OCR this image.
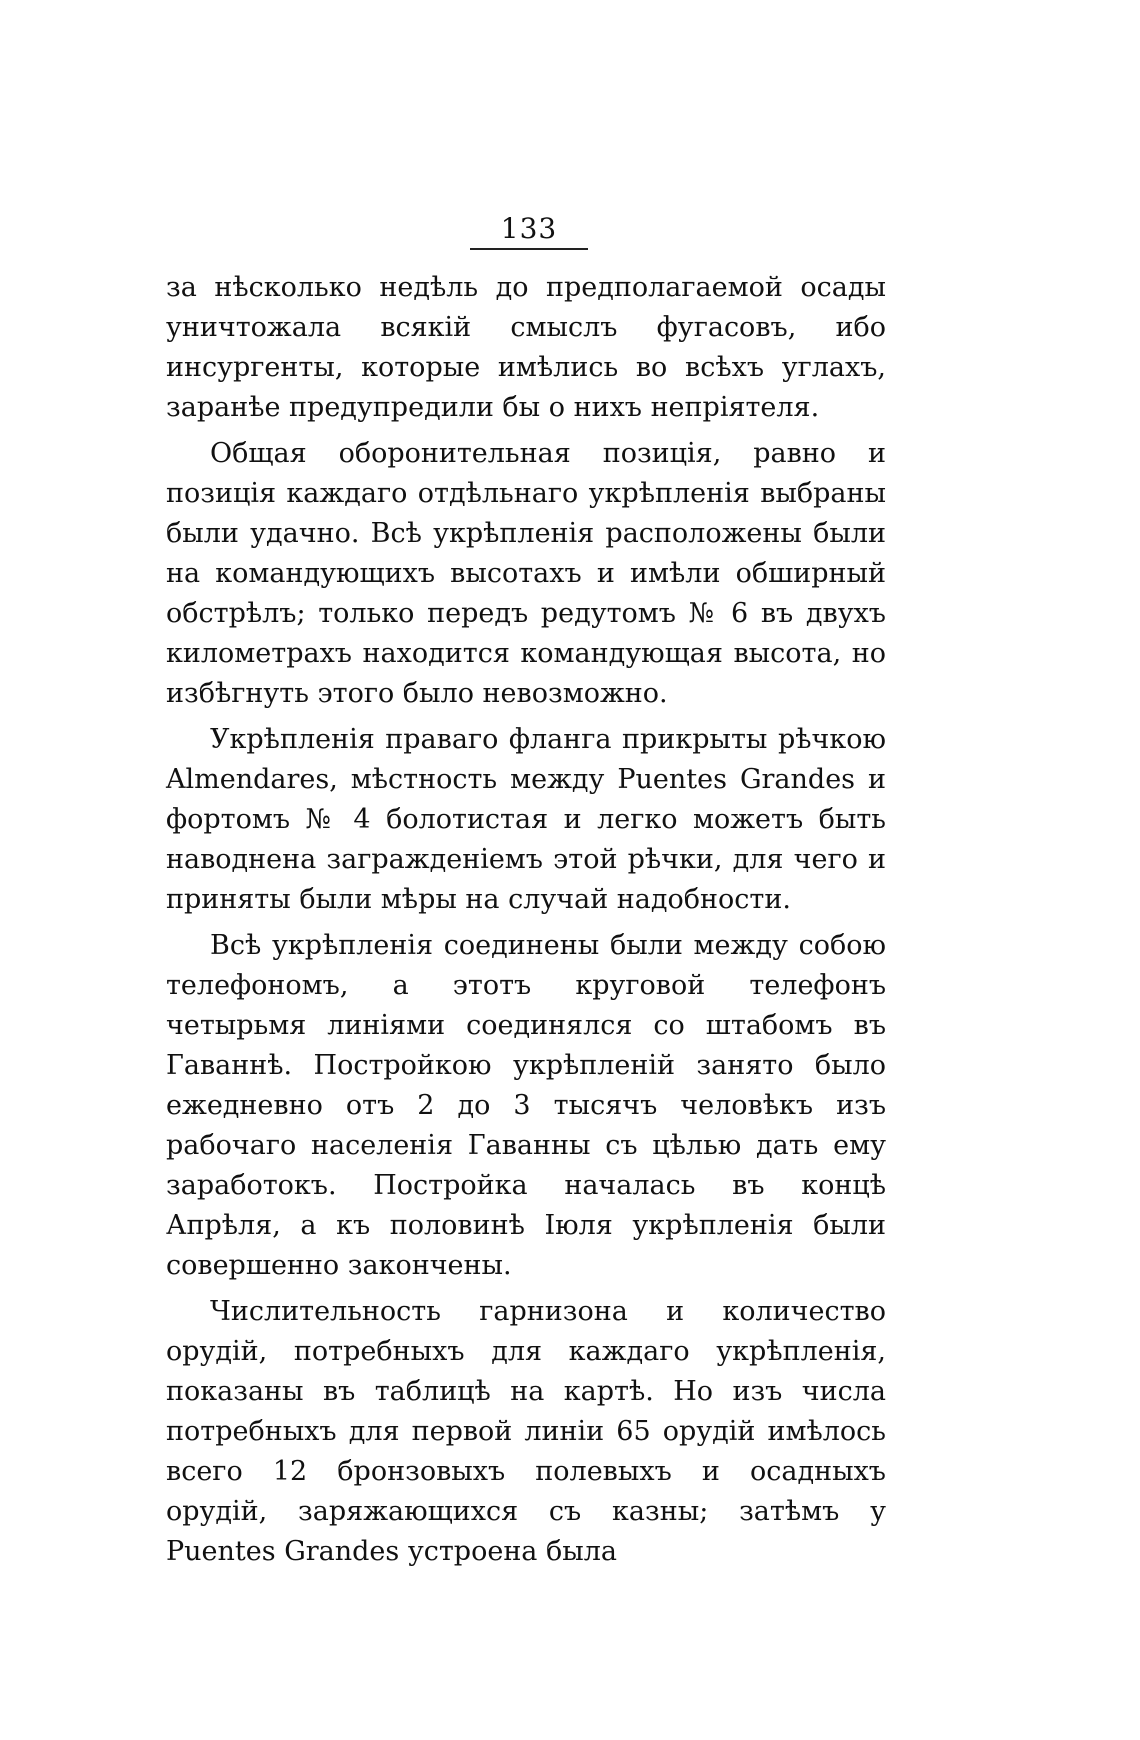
133

за нѣсколько недѣль до предполагаемой осады уничтожала всякій смыслъ фугасовъ, ибо инсургенты, которые имѣлись во всѣхъ углахъ, заранѣе предупредили бы о нихъ непріятеля.

Общая оборонительная позиція, равно и позиція каждаго отдѣльнаго укрѣпленія выбраны были удачно. Всѣ укрѣпленія расположены были на командующихъ высотахъ и имѣли обширный обстрѣлъ; только передъ редутомъ № 6 въ двухъ километрахъ находится командующая высота, но избѣгнуть этого было невозможно.

Укрѣпленія праваго фланга прикрыты рѣчкою Almendares, мѣстность между Puentes Grandes и фортомъ № 4 болотистая и легко можетъ быть наводнена загражденіемъ этой рѣчки, для чего и приняты были мѣры на случай надобности.

Всѣ укрѣпленія соединены были между собою телефономъ, а этотъ круговой телефонъ четырьмя линіями соединялся со штабомъ въ Гаваннѣ. Постройкою укрѣпленій занято было ежедневно отъ 2 до 3 тысячъ человѣкъ изъ рабочаго населенія Гаванны съ цѣлью дать ему заработокъ. Постройка началась въ концѣ Апрѣля, а къ половинѣ Іюля укрѣпленія были совершенно закончены.

Числительность гарнизона и количество орудій, потребныхъ для каждаго укрѣпленія, показаны въ таблицѣ на картѣ. Но изъ числа потребныхъ для первой линіи 65 орудій имѣлось всего 12 бронзовыхъ полевыхъ и осадныхъ орудій, заряжающихся съ казны; затѣмъ у Puentes Grandes устроена была
